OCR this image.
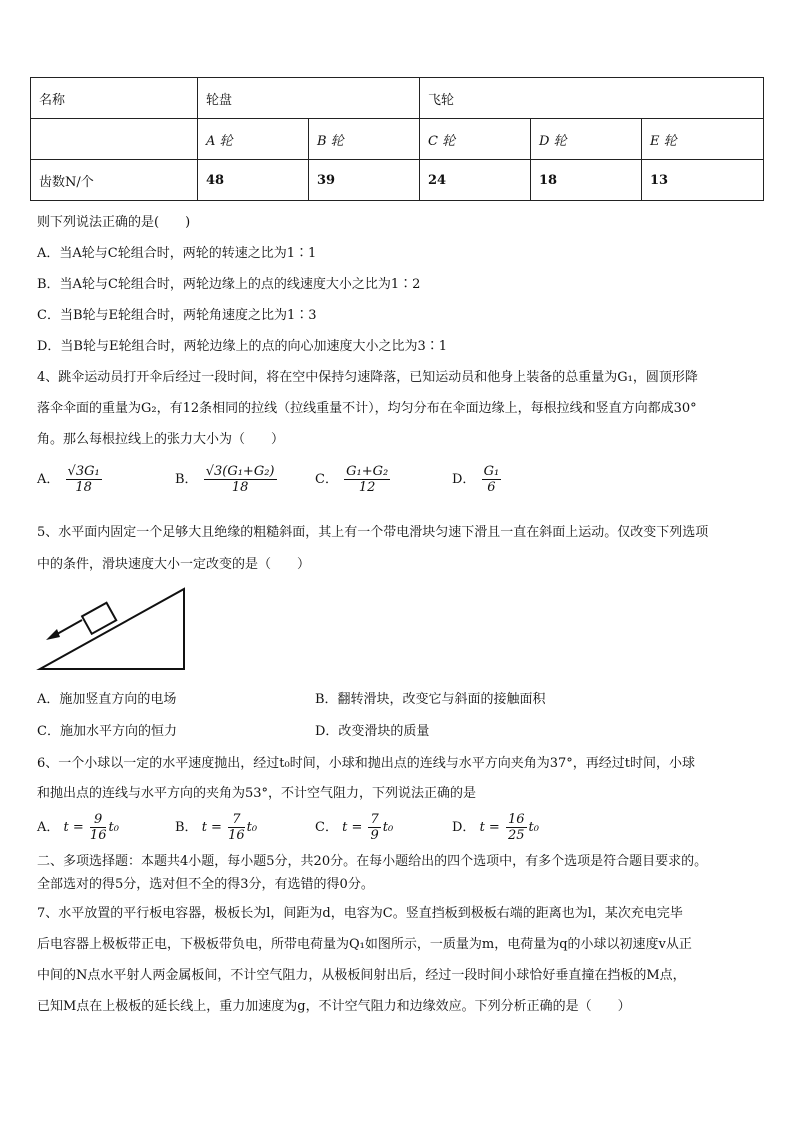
名称	轮盘		飞轮		
	A 轮	B 轮	C 轮	D 轮	E 轮
齿数N/个	48	39	24	18	13
则下列说法正确的是(　　)
A．当A轮与C轮组合时，两轮的转速之比为1∶1
B．当A轮与C轮组合时，两轮边缘上的点的线速度大小之比为1∶2
C．当B轮与E轮组合时，两轮角速度之比为1∶3
D．当B轮与E轮组合时，两轮边缘上的点的向心加速度大小之比为3∶1
4、跳伞运动员打开伞后经过一段时间，将在空中保持匀速降落，已知运动员和他身上装备的总重量为G₁，圆顶形降
落伞伞面的重量为G₂，有12条相同的拉线（拉线重量不计），均匀分布在伞面边缘上，每根拉线和竖直方向都成30°
角。那么每根拉线上的张力大小为（　　）
A． $\frac{\text{√3G₁}}{18}$	B． $\frac{\text{√3(G₁+G₂)}}{18}$	C． $\frac{\text{G₁+G₂}}{12}$	D． $\frac{\text{G₁}}{6}$
5、水平面内固定一个足够大且绝缘的粗糙斜面，其上有一个带电滑块匀速下滑且一直在斜面上运动。仅改变下列选项
中的条件，滑块速度大小一定改变的是（　　）
A．施加竖直方向的电场	B．翻转滑块，改变它与斜面的接触面积
C．施加水平方向的恒力	D．改变滑块的质量
6、一个小球以一定的水平速度抛出，经过t₀时间，小球和抛出点的连线与水平方向夹角为37°，再经过t时间，小球
和抛出点的连线与水平方向的夹角为53°，不计空气阻力，下列说法正确的是
A． $t = \frac{9}{16} t_0$	B． $t = \frac{7}{16} t_0$	C． $t = \frac{7}{9} t_0$	D． $t = \frac{16}{25} t_0$
二、多项选择题：本题共4小题，每小题5分，共20分。在每小题给出的四个选项中，有多个选项是符合题目要求的。
全部选对的得5分，选对但不全的得3分，有选错的得0分。
7、水平放置的平行板电容器，极板长为l，间距为d，电容为C。竖直挡板到极板右端的距离也为l，某次充电完毕
后电容器上极板带正电，下极板带负电，所带电荷量为Q₁如图所示，一质量为m，电荷量为q的小球以初速度v从正
中间的N点水平射人两金属板间，不计空气阻力，从极板间射出后，经过一段时间小球恰好垂直撞在挡板的M点，
已知M点在上极板的延长线上，重力加速度为g，不计空气阻力和边缘效应。下列分析正确的是（　　）
